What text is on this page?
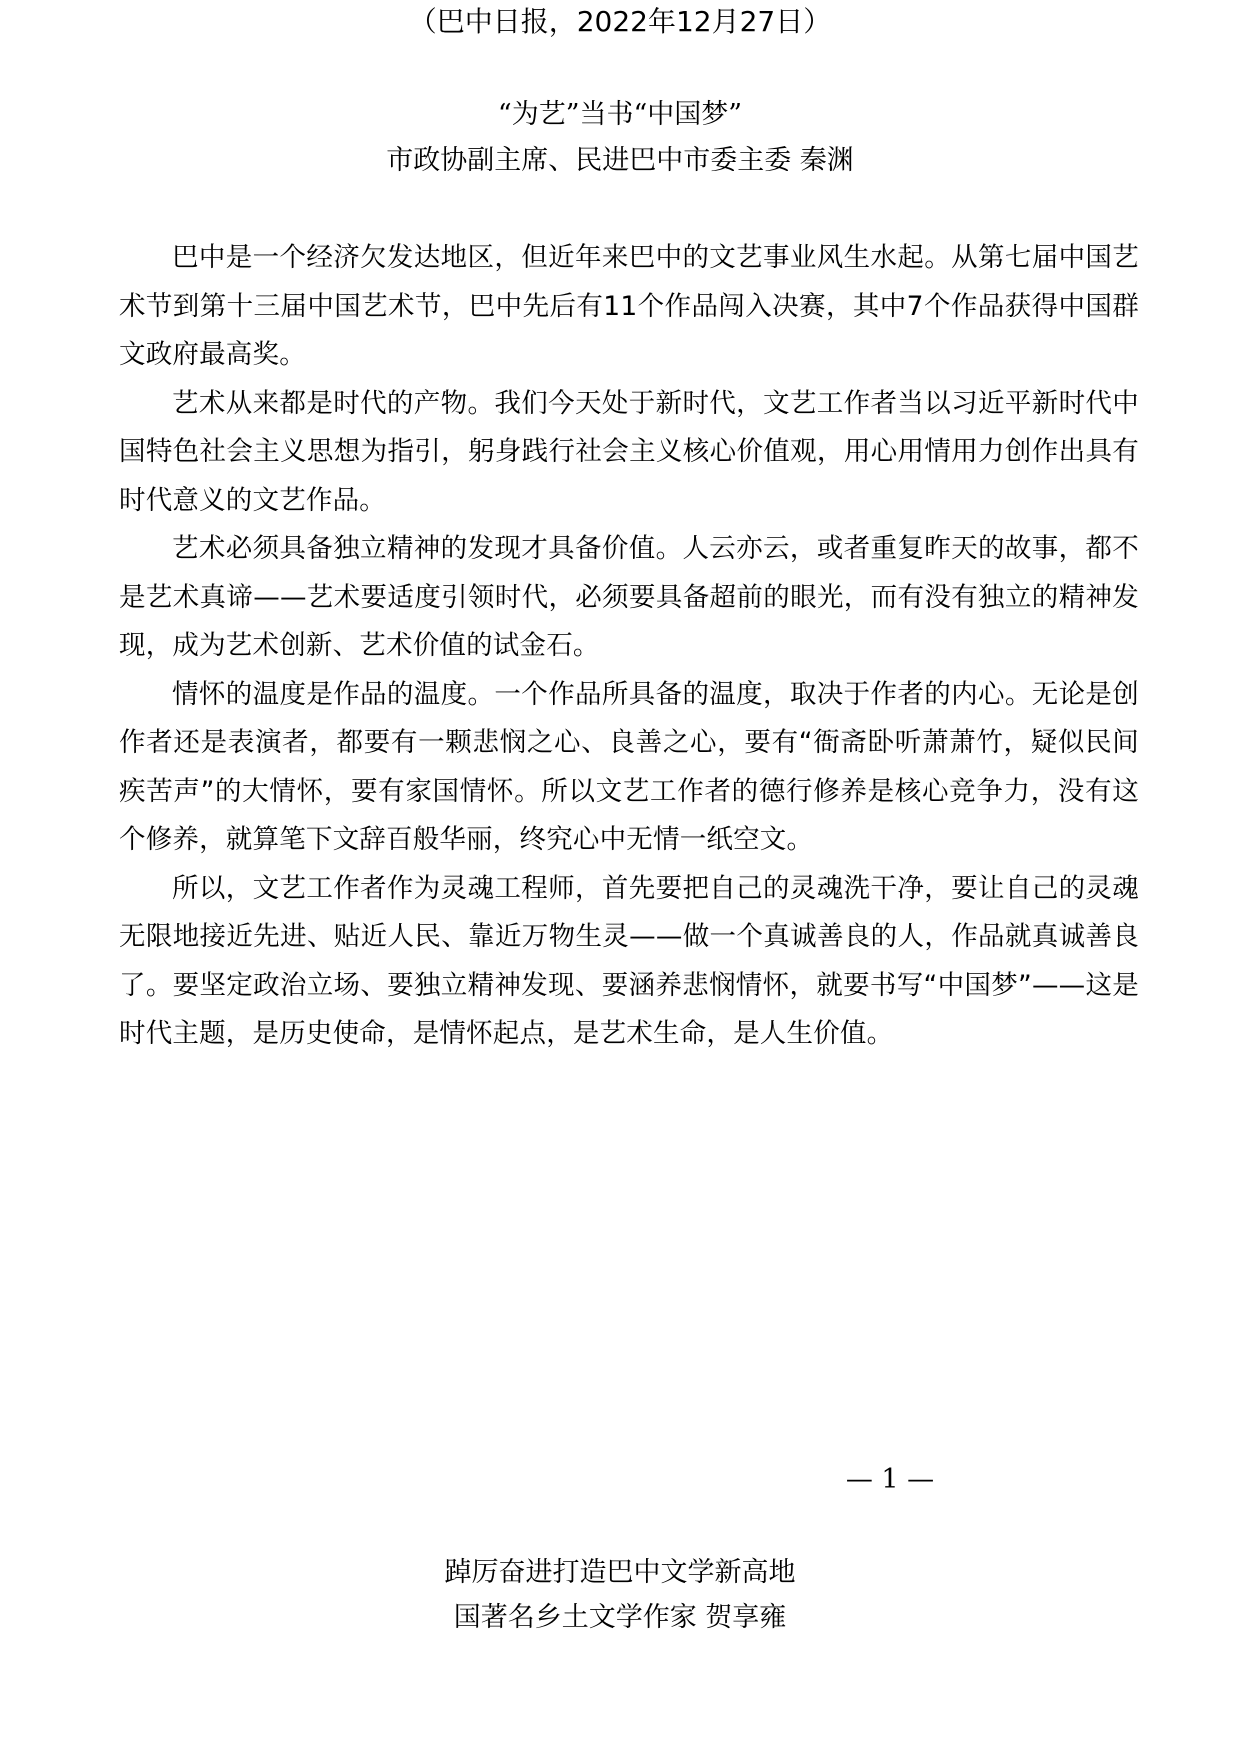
（巴中日报，2022年12月27日）
“为艺”当书“中国梦”
市政协副主席、民进巴中市委主委 秦渊

巴中是一个经济欠发达地区，但近年来巴中的文艺事业风生水起。从第七届中国艺术节到第十三届中国艺术节，巴中先后有11个作品闯入决赛，其中7个作品获得中国群文政府最高奖。

艺术从来都是时代的产物。我们今天处于新时代，文艺工作者当以习近平新时代中国特色社会主义思想为指引，躬身践行社会主义核心价值观，用心用情用力创作出具有时代意义的文艺作品。

艺术必须具备独立精神的发现才具备价值。人云亦云，或者重复昨天的故事，都不是艺术真谛——艺术要适度引领时代，必须要具备超前的眼光，而有没有独立的精神发现，成为艺术创新、艺术价值的试金石。

情怀的温度是作品的温度。一个作品所具备的温度，取决于作者的内心。无论是创作者还是表演者，都要有一颗悲悯之心、良善之心，要有“衙斋卧听萧萧竹，疑似民间疾苦声”的大情怀，要有家国情怀。所以文艺工作者的德行修养是核心竞争力，没有这个修养，就算笔下文辞百般华丽，终究心中无情一纸空文。

所以，文艺工作者作为灵魂工程师，首先要把自己的灵魂洗干净，要让自己的灵魂无限地接近先进、贴近人民、靠近万物生灵——做一个真诚善良的人，作品就真诚善良了。要坚定政治立场、要独立精神发现、要涵养悲悯情怀，就要书写“中国梦”——这是时代主题，是历史使命，是情怀起点，是艺术生命，是人生价值。

— 1 —
踔厉奋进打造巴中文学新高地
国著名乡土文学作家 贺享雍
